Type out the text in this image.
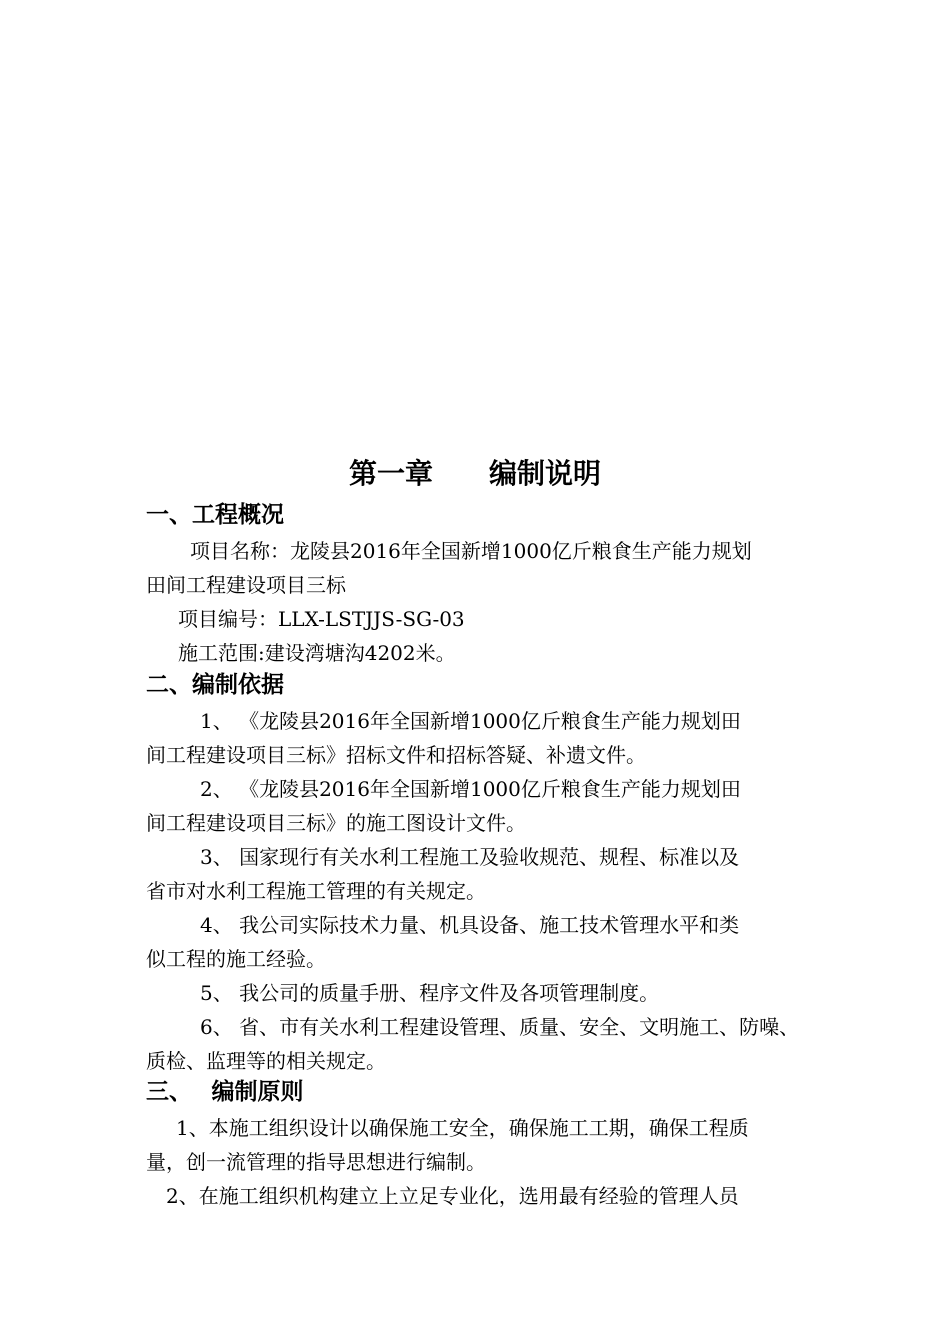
第一章　　编制说明
一、工程概况
项目名称：龙陵县2016年全国新增1000亿斤粮食生产能力规划
田间工程建设项目三标
项目编号：LLX-LSTJJS-SG-03
施工范围:建设湾塘沟4202米。
二、编制依据
1、 《龙陵县2016年全国新增1000亿斤粮食生产能力规划田
间工程建设项目三标》招标文件和招标答疑、补遗文件。
2、 《龙陵县2016年全国新增1000亿斤粮食生产能力规划田
间工程建设项目三标》的施工图设计文件。
3、 国家现行有关水利工程施工及验收规范、规程、标准以及
省市对水利工程施工管理的有关规定。
4、 我公司实际技术力量、机具设备、施工技术管理水平和类
似工程的施工经验。
5、 我公司的质量手册、程序文件及各项管理制度。
6、 省、市有关水利工程建设管理、质量、安全、文明施工、防噪、
质检、监理等的相关规定。
三、　 编制原则
1、本施工组织设计以确保施工安全，确保施工工期，确保工程质
量，创一流管理的指导思想进行编制。
2、在施工组织机构建立上立足专业化，选用最有经验的管理人员
